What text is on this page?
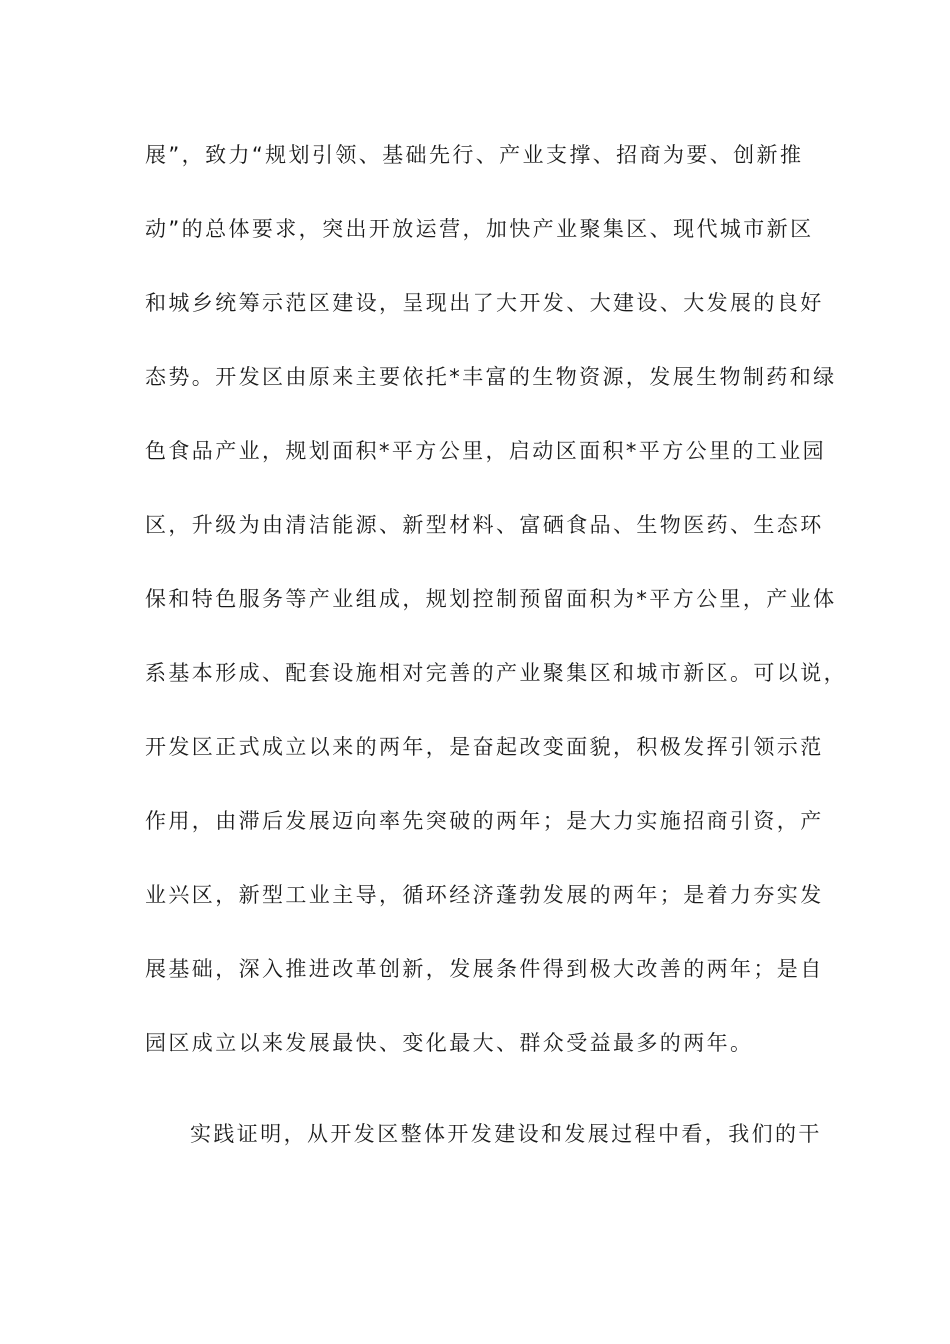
展”，致力“规划引领、基础先行、产业支撑、招商为要、创新推
动”的总体要求，突出开放运营，加快产业聚集区、现代城市新区
和城乡统筹示范区建设，呈现出了大开发、大建设、大发展的良好
态势。开发区由原来主要依托*丰富的生物资源，发展生物制药和绿
色食品产业，规划面积*平方公里，启动区面积*平方公里的工业园
区，升级为由清洁能源、新型材料、富硒食品、生物医药、生态环
保和特色服务等产业组成，规划控制预留面积为*平方公里，产业体
系基本形成、配套设施相对完善的产业聚集区和城市新区。可以说，
开发区正式成立以来的两年，是奋起改变面貌，积极发挥引领示范
作用，由滞后发展迈向率先突破的两年；是大力实施招商引资，产
业兴区，新型工业主导，循环经济蓬勃发展的两年；是着力夯实发
展基础，深入推进改革创新，发展条件得到极大改善的两年；是自
园区成立以来发展最快、变化最大、群众受益最多的两年。
实践证明，从开发区整体开发建设和发展过程中看，我们的干
